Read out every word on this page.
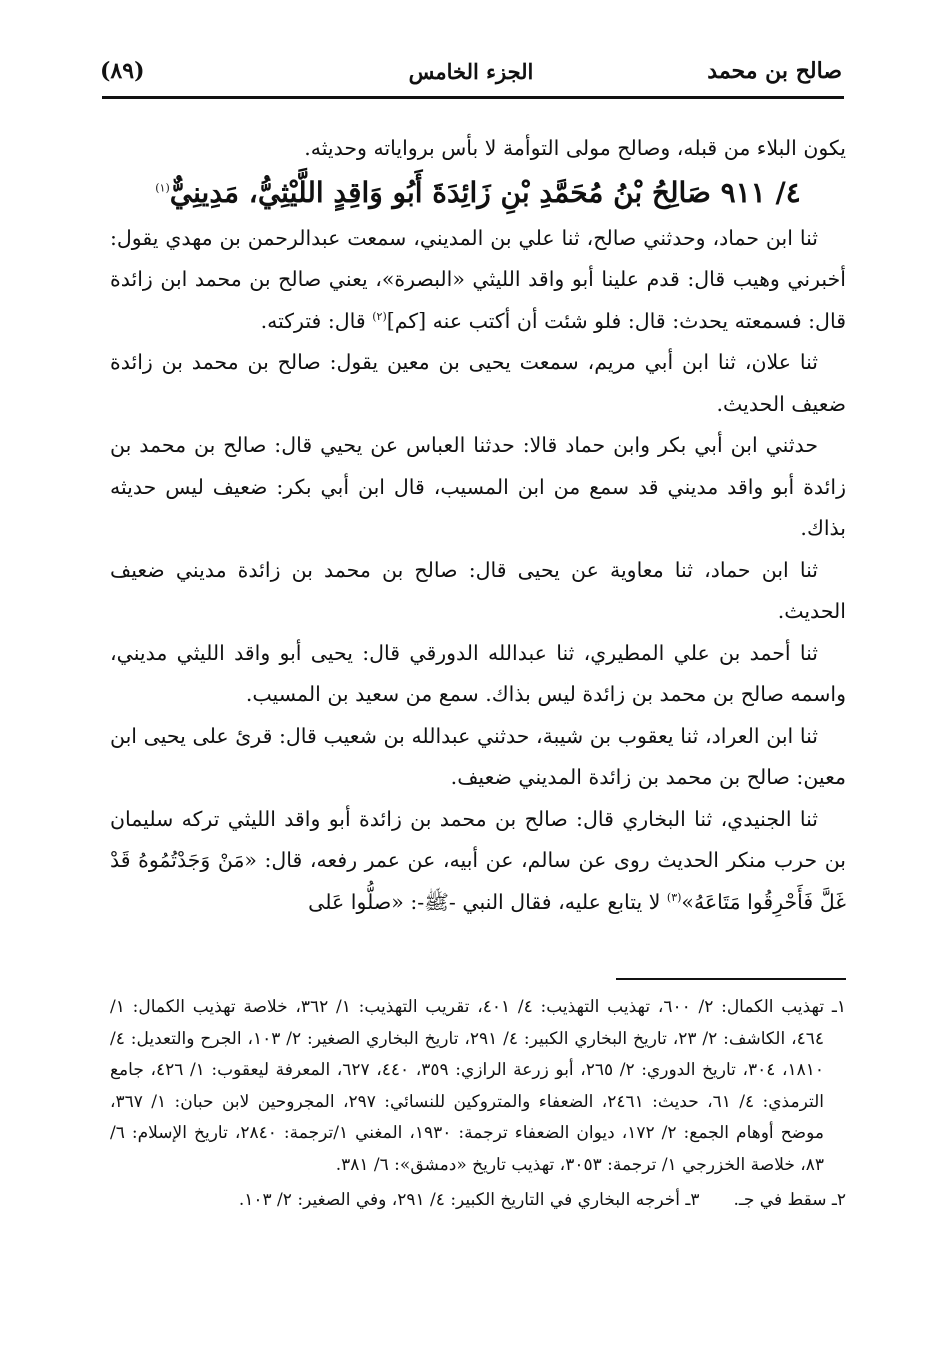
صالح بن محمد
الجزء الخامس
(٨٩)

يكون البلاء من قبله، وصالح مولى التوأمة لا بأس برواياته وحديثه.

٤/ ٩١١ صَالِحُ بْنُ مُحَمَّدِ بْنِ زَائِدَةَ أَبُو وَاقِدٍ اللَّيْثِيُّ، مَدِينِيٌّ$^{(١)}$

ثنا ابن حماد، وحدثني صالح، ثنا علي بن المديني، سمعت عبدالرحمن بن مهدي يقول: أخبرني وهيب قال: قدم علينا أبو واقد الليثي «البصرة»، يعني صالح بن محمد ابن زائدة قال: فسمعته يحدث: قال: فلو شئت أن أكتب عنه [كم]$^{(٢)}$ قال: فتركته.

ثنا علان، ثنا ابن أبي مريم، سمعت يحيى بن معين يقول: صالح بن محمد بن زائدة ضعيف الحديث.

حدثني ابن أبي بكر وابن حماد قالا: حدثنا العباس عن يحيي قال: صالح بن محمد بن زائدة أبو واقد مديني قد سمع من ابن المسيب، قال ابن أبي بكر: ضعيف ليس حديثه بذاك.

ثنا ابن حماد، ثنا معاوية عن يحيى قال: صالح بن محمد بن زائدة مديني ضعيف الحديث.

ثنا أحمد بن علي المطيري، ثنا عبدالله الدورقي قال: يحيى أبو واقد الليثي مديني، واسمه صالح بن محمد بن زائدة ليس بذاك. سمع من سعيد بن المسيب.

ثنا ابن العراد، ثنا يعقوب بن شيبة، حدثني عبدالله بن شعيب قال: قرئ على يحيى ابن معين: صالح بن محمد بن زائدة المديني ضعيف.

ثنا الجنيدي، ثنا البخاري قال: صالح بن محمد بن زائدة أبو واقد الليثي تركه سليمان بن حرب منكر الحديث روى عن سالم، عن أبيه، عن عمر رفعه، قال: «مَنْ وَجَدْتُمُوهُ قَدْ غَلَّ فَأَحْرِقُوا مَتَاعَهُ»$^{(٣)}$ لا يتابع عليه، فقال النبي -ﷺ-: «صلُّوا عَلى

١ـ تهذيب الكمال: ٢/ ٦٠٠، تهذيب التهذيب: ٤/ ٤٠١، تقريب التهذيب: ١/ ٣٦٢، خلاصة تهذيب الكمال: ١/ ٤٦٤، الكاشف: ٢/ ٢٣، تاريخ البخاري الكبير: ٤/ ٢٩١، تاريخ البخاري الصغير: ٢/ ١٠٣، الجرح والتعديل: ٤/ ١٨١٠، ٣٠٤، تاريخ الدوري: ٢/ ٢٦٥، أبو زرعة الرازي: ٣٥٩، ٤٤٠، ٦٢٧، المعرفة ليعقوب: ١/ ٤٢٦، جامع الترمذي: ٤/ ٦١، حديث: ٢٤٦١، الضعفاء والمتروكين للنسائي: ٢٩٧، المجروحين لابن حبان: ١/ ٣٦٧، موضح أوهام الجمع: ٢/ ١٧٢، ديوان الضعفاء ترجمة: ١٩٣٠، المغني ١/ترجمة: ٢٨٤٠، تاريخ الإسلام: ٦/ ٨٣، خلاصة الخزرجي ١/ ترجمة: ٣٠٥٣، تهذيب تاريخ «دمشق»: ٦/ ٣٨١.

٢ـ سقط في جـ.
٣ـ أخرجه البخاري في التاريخ الكبير: ٤/ ٢٩١، وفي الصغير: ٢/ ١٠٣.
